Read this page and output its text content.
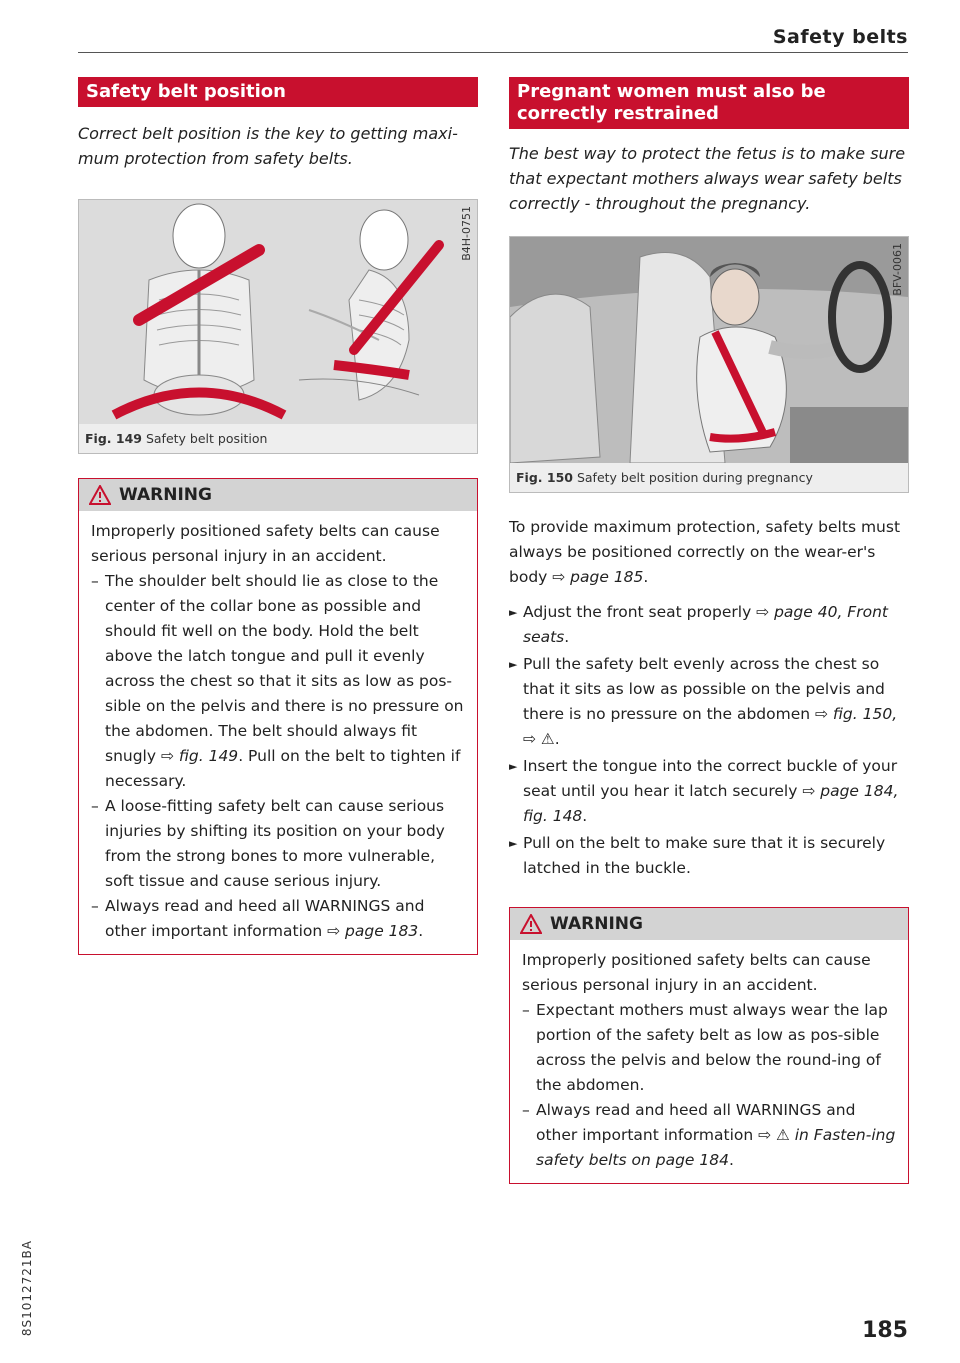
Safety belts
Safety belt position
Correct belt position is the key to getting maxi-mum protection from safety belts.
B4H-0751
Fig. 149 Safety belt position
WARNING
Improperly positioned safety belts can cause serious personal injury in an accident.
– The shoulder belt should lie as close to the center of the collar bone as possible and should fit well on the body. Hold the belt above the latch tongue and pull it evenly across the chest so that it sits as low as pos-sible on the pelvis and there is no pressure on the abdomen. The belt should always fit snugly ⇨ fig. 149. Pull on the belt to tighten if necessary.
– A loose-fitting safety belt can cause serious injuries by shifting its position on your body from the strong bones to more vulnerable, soft tissue and cause serious injury.
– Always read and heed all WARNINGS and other important information ⇨ page 183.
Pregnant women must also be correctly restrained
The best way to protect the fetus is to make sure that expectant mothers always wear safety belts correctly - throughout the pregnancy.
BFV-0061
Fig. 150 Safety belt position during pregnancy
To provide maximum protection, safety belts must always be positioned correctly on the wear-er's body ⇨ page 185.
► Adjust the front seat properly ⇨ page 40, Front seats.
► Pull the safety belt evenly across the chest so that it sits as low as possible on the pelvis and there is no pressure on the abdomen ⇨ fig. 150, ⇨ ⚠.
► Insert the tongue into the correct buckle of your seat until you hear it latch securely ⇨ page 184, fig. 148.
► Pull on the belt to make sure that it is securely latched in the buckle.
WARNING
Improperly positioned safety belts can cause serious personal injury in an accident.
– Expectant mothers must always wear the lap portion of the safety belt as low as pos-sible across the pelvis and below the round-ing of the abdomen.
– Always read and heed all WARNINGS and other important information ⇨ ⚠ in Fasten-ing safety belts on page 184.
8S1012721BA	185
